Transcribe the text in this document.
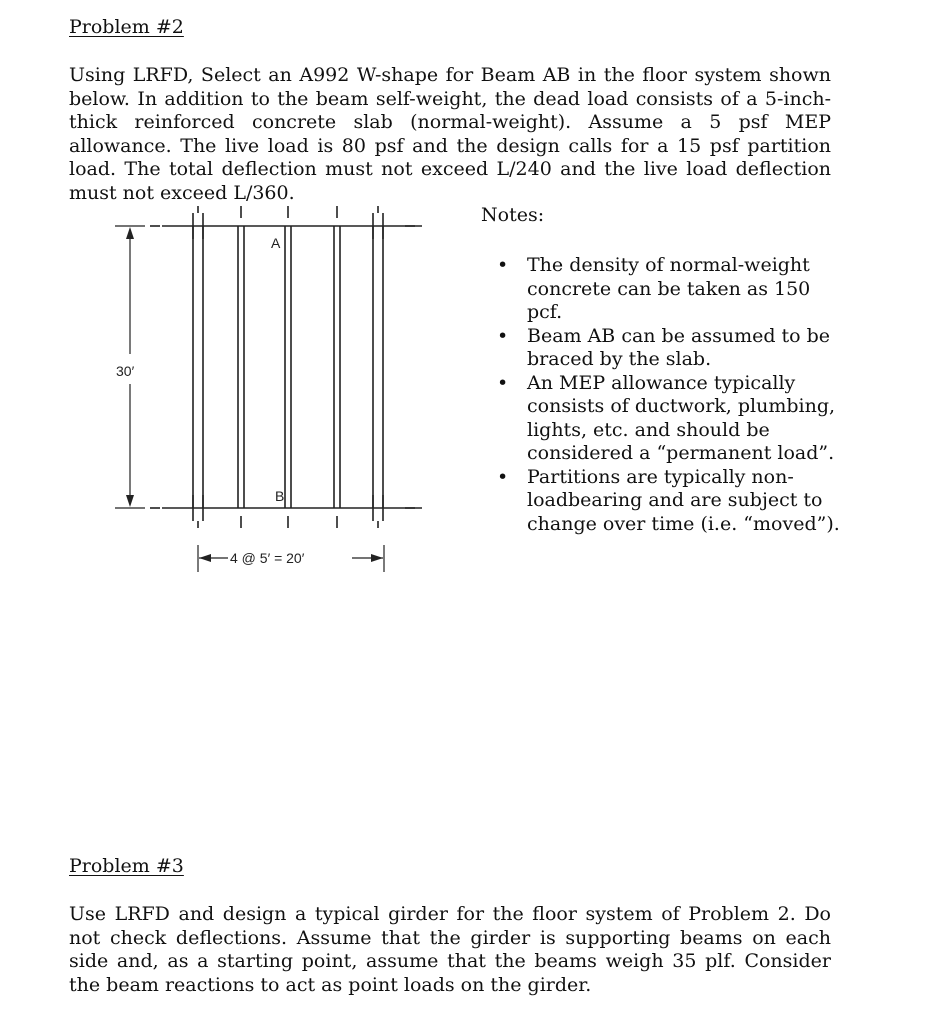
Problem #2

Using LRFD, Select an A992 W-shape for Beam AB in the floor system shown below. In addition to the beam self-weight, the dead load consists of a 5-inch-thick reinforced concrete slab (normal-weight). Assume a 5 psf MEP allowance. The live load is 80 psf and the design calls for a 15 psf partition load. The total deflection must not exceed L/240 and the live load deflection must not exceed L/360.

30′
4 @ 5′ = 20′
A
B
Notes:
• The density of normal-weight concrete can be taken as 150 pcf.
• Beam AB can be assumed to be braced by the slab.
• An MEP allowance typically consists of ductwork, plumbing, lights, etc. and should be considered a “permanent load”.
• Partitions are typically non-loadbearing and are subject to change over time (i.e. “moved”).
Problem #3

Use LRFD and design a typical girder for the floor system of Problem 2. Do not check deflections. Assume that the girder is supporting beams on each side and, as a starting point, assume that the beams weigh 35 plf. Consider the beam reactions to act as point loads on the girder.
